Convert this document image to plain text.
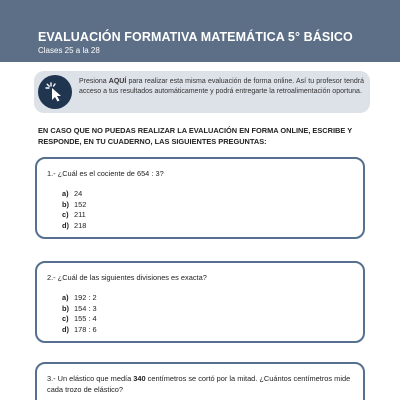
EVALUACIÓN FORMATIVA MATEMÁTICA 5° BÁSICO
Clases 25 a la 28
Presiona AQUÍ para realizar esta misma evaluación de forma online. Así tu profesor tendrá acceso a tus resultados automáticamente y podrá entregarte la retroalimentación oportuna.
EN CASO QUE NO PUEDAS REALIZAR LA EVALUACIÓN EN FORMA ONLINE, ESCRIBE Y RESPONDE, EN TU CUADERNO, LAS SIGUIENTES PREGUNTAS:
1.- ¿Cuál es el cociente de 654 : 3?
a) 24
b) 152
c) 211
d) 218
2.- ¿Cuál de las siguientes divisiones es exacta?
a) 192 : 2
b) 154 : 3
c) 155 : 4
d) 178 : 6
3.- Un elástico que medía 340 centímetros se cortó por la mitad. ¿Cuántos centímetros mide cada trozo de elástico?
